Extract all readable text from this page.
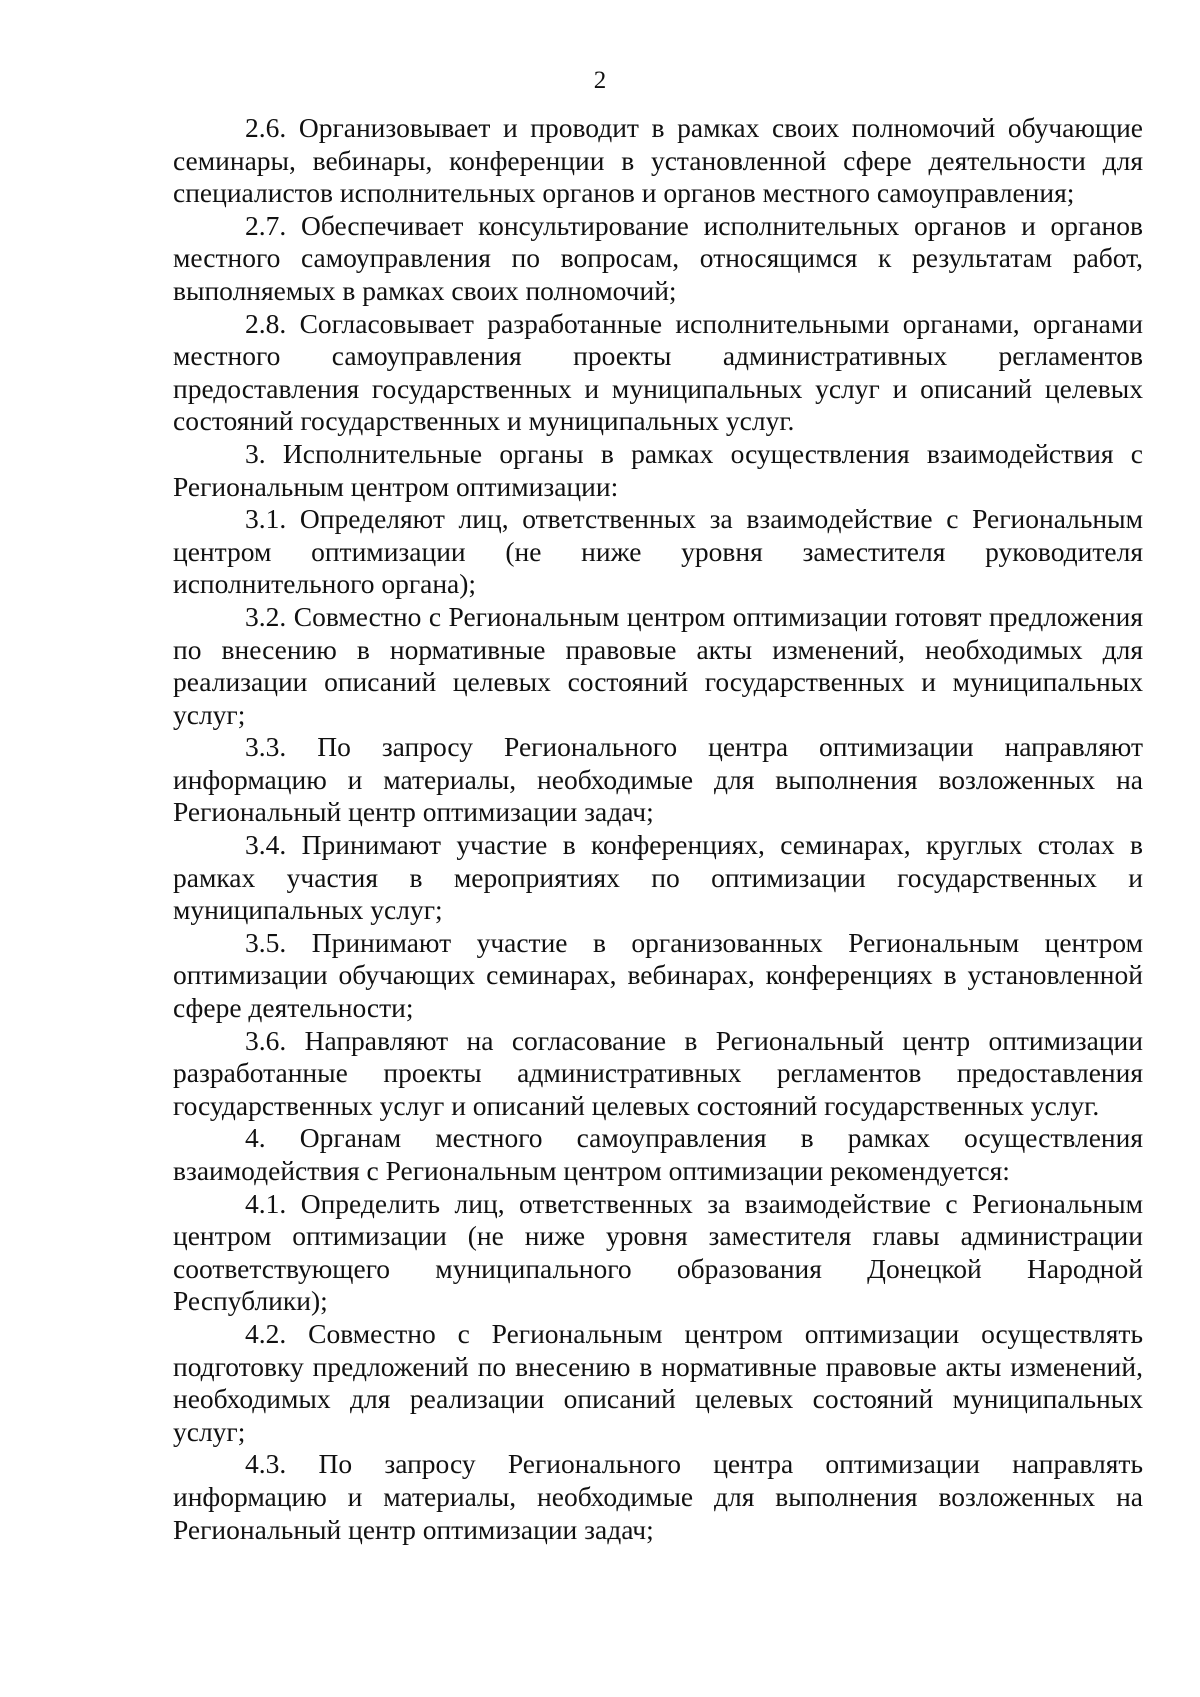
2

2.6. Организовывает и проводит в рамках своих полномочий обучающие семинары, вебинары, конференции в установленной сфере деятельности для специалистов исполнительных органов и органов местного самоуправления;

2.7. Обеспечивает консультирование исполнительных органов и органов местного самоуправления по вопросам, относящимся к результатам работ, выполняемых в рамках своих полномочий;

2.8. Согласовывает разработанные исполнительными органами, органами местного самоуправления проекты административных регламентов предоставления государственных и муниципальных услуг и описаний целевых состояний государственных и муниципальных услуг.

3. Исполнительные органы в рамках осуществления взаимодействия с Региональным центром оптимизации:

3.1. Определяют лиц, ответственных за взаимодействие с Региональным центром оптимизации (не ниже уровня заместителя руководителя исполнительного органа);

3.2. Совместно с Региональным центром оптимизации готовят предложения по внесению в нормативные правовые акты изменений, необходимых для реализации описаний целевых состояний государственных и муниципальных услуг;

3.3. По запросу Регионального центра оптимизации направляют информацию и материалы, необходимые для выполнения возложенных на Региональный центр оптимизации задач;

3.4. Принимают участие в конференциях, семинарах, круглых столах в рамках участия в мероприятиях по оптимизации государственных и муниципальных услуг;

3.5. Принимают участие в организованных Региональным центром оптимизации обучающих семинарах, вебинарах, конференциях в установленной сфере деятельности;

3.6. Направляют на согласование в Региональный центр оптимизации разработанные проекты административных регламентов предоставления государственных услуг и описаний целевых состояний государственных услуг.

4. Органам местного самоуправления в рамках осуществления взаимодействия с Региональным центром оптимизации рекомендуется:

4.1. Определить лиц, ответственных за взаимодействие с Региональным центром оптимизации (не ниже уровня заместителя главы администрации соответствующего муниципального образования Донецкой Народной Республики);

4.2. Совместно с Региональным центром оптимизации осуществлять подготовку предложений по внесению в нормативные правовые акты изменений, необходимых для реализации описаний целевых состояний муниципальных услуг;

4.3. По запросу Регионального центра оптимизации направлять информацию и материалы, необходимые для выполнения возложенных на Региональный центр оптимизации задач;
